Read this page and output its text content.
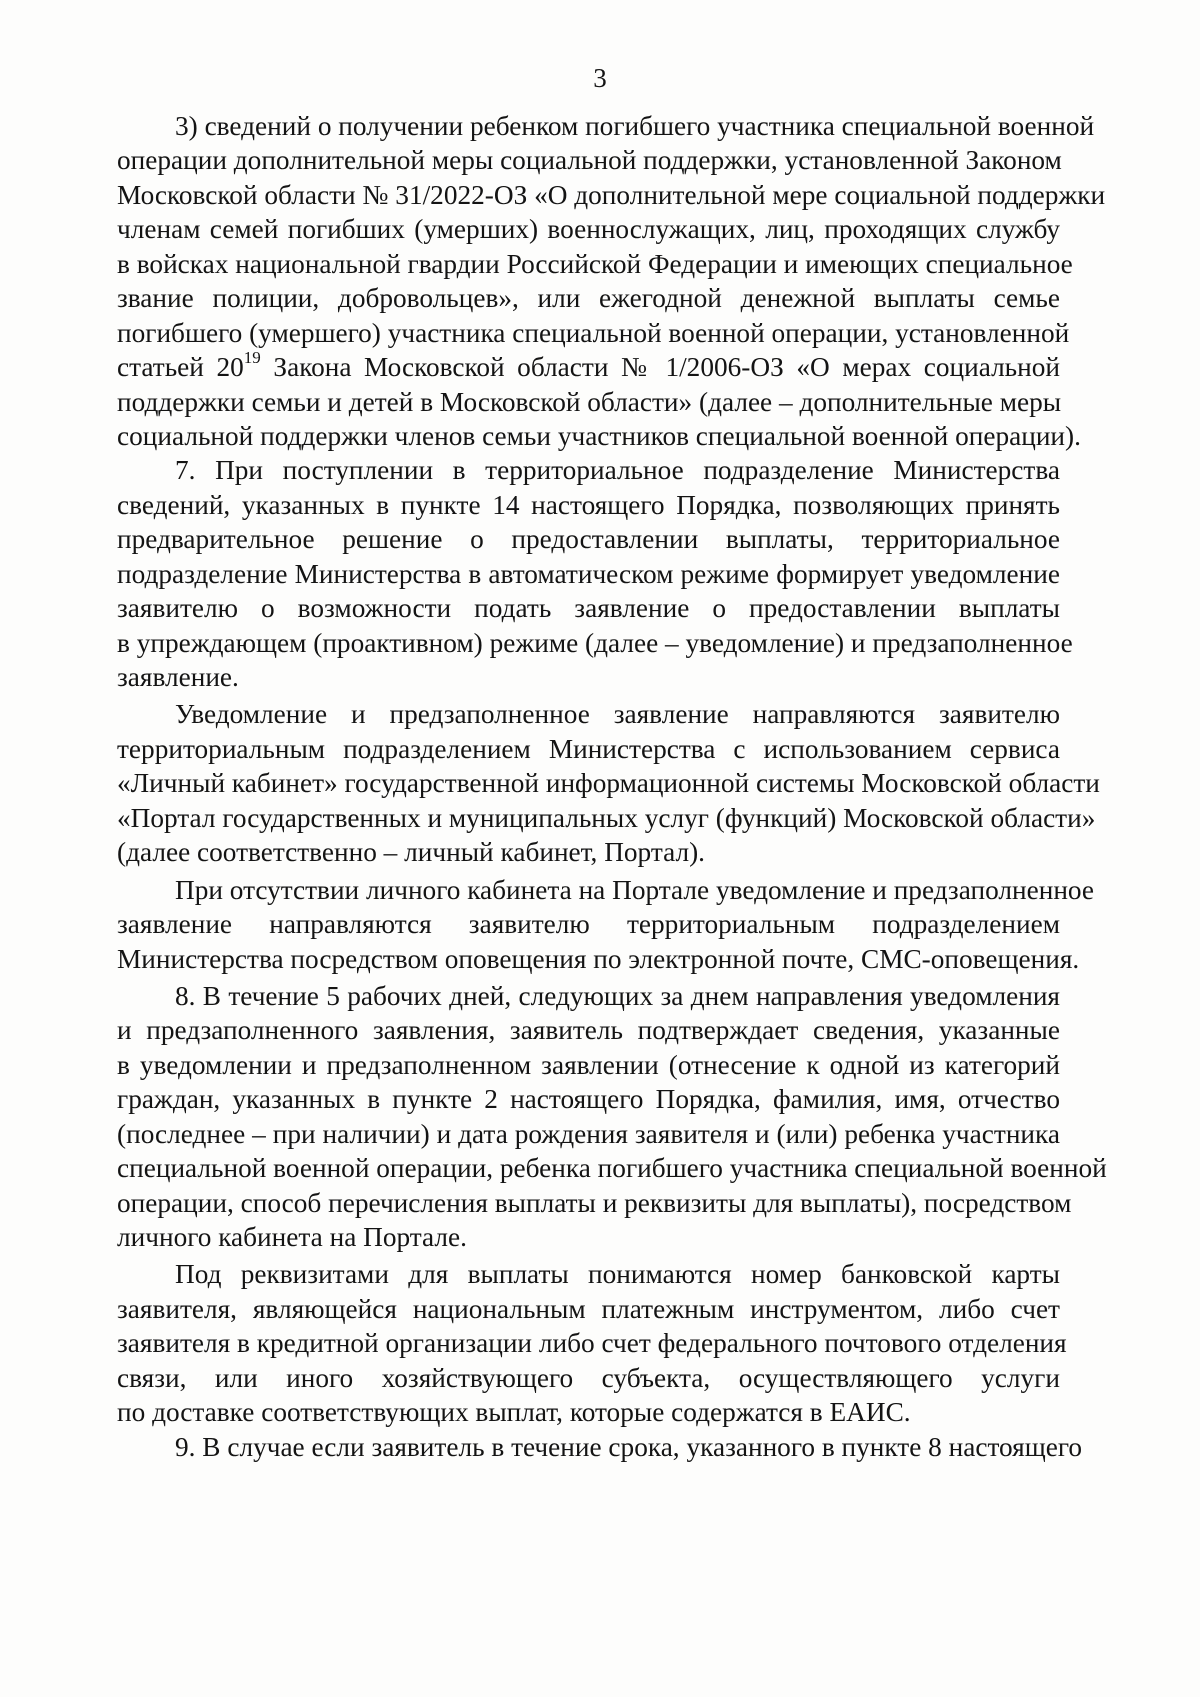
3
3) сведений о получении ребенком погибшего участника специальной военной
операции дополнительной меры социальной поддержки, установленной Законом
Московской области № 31/2022-ОЗ «О дополнительной мере социальной поддержки
членам семей погибших (умерших) военнослужащих, лиц, проходящих службу
в войсках национальной гвардии Российской Федерации и имеющих специальное
звание полиции, добровольцев», или ежегодной денежной выплаты семье
погибшего (умершего) участника специальной военной операции, установленной
статьей $20^{19}$ Закона Московской области № 1/2006-ОЗ «О мерах социальной
поддержки семьи и детей в Московской области» (далее – дополнительные меры
социальной поддержки членов семьи участников специальной военной операции).
7. При поступлении в территориальное подразделение Министерства
сведений, указанных в пункте 14 настоящего Порядка, позволяющих принять
предварительное решение о предоставлении выплаты, территориальное
подразделение Министерства в автоматическом режиме формирует уведомление
заявителю о возможности подать заявление о предоставлении выплаты
в упреждающем (проактивном) режиме (далее – уведомление) и предзаполненное
заявление.
Уведомление и предзаполненное заявление направляются заявителю
территориальным подразделением Министерства с использованием сервиса
«Личный кабинет» государственной информационной системы Московской области
«Портал государственных и муниципальных услуг (функций) Московской области»
(далее соответственно – личный кабинет, Портал).
При отсутствии личного кабинета на Портале уведомление и предзаполненное
заявление направляются заявителю территориальным подразделением
Министерства посредством оповещения по электронной почте, СМС-оповещения.
8. В течение 5 рабочих дней, следующих за днем направления уведомления
и предзаполненного заявления, заявитель подтверждает сведения, указанные
в уведомлении и предзаполненном заявлении (отнесение к одной из категорий
граждан, указанных в пункте 2 настоящего Порядка, фамилия, имя, отчество
(последнее – при наличии) и дата рождения заявителя и (или) ребенка участника
специальной военной операции, ребенка погибшего участника специальной военной
операции, способ перечисления выплаты и реквизиты для выплаты), посредством
личного кабинета на Портале.
Под реквизитами для выплаты понимаются номер банковской карты
заявителя, являющейся национальным платежным инструментом, либо счет
заявителя в кредитной организации либо счет федерального почтового отделения
связи, или иного хозяйствующего субъекта, осуществляющего услуги
по доставке соответствующих выплат, которые содержатся в ЕАИС.
9. В случае если заявитель в течение срока, указанного в пункте 8 настоящего
